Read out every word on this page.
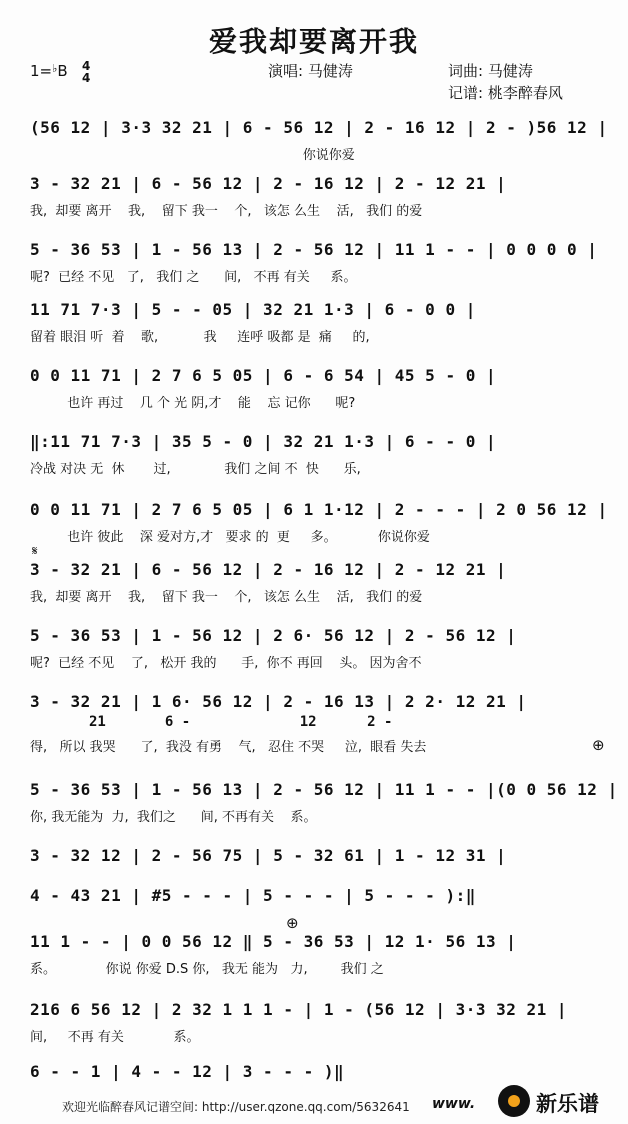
爱我却要离开我
1=♭B 4
4	演唱: 马健涛	词曲: 马健涛
记谱: 桃李醉春风
(56 12 | 3·3 32 21 | 6 - 56 12 | 2 - 16 12 | 2 - )56 12 |
你说你爱
3 - 32 21 | 6 - 56 12 | 2 - 16 12 | 2 - 12 21 |
我,  却要 离开    我,    留下 我一    个,   该怎 么生    活,   我们 的爱
5 - 36 53 | 1 - 56 13 | 2 - 56 12 | 11 1 - - | 0 0 0 0 |
呢?  已经 不见   了,   我们 之      间,   不再 有关     系。
11 71 7·3 | 5 - - 05 | 32 21 1·3 | 6 - 0 0 |
留着 眼泪 听  着    歌,           我     连呼 吸都 是  痛     的,
0 0 11 71 | 2 7 6 5 05 | 6 - 6 54 | 45 5 - 0 |
也许 再过    几 个 光 阴,才    能    忘 记你      呢?
‖:11 71 7·3 | 35 5 - 0 | 32 21 1·3 | 6 - - 0 |
冷战 对决 无  休       过,             我们 之间 不  快      乐,
0 0 11 71 | 2 7 6 5 05 | 6 1 1·12 | 2 - - - | 2 0 56 12 |
也许 彼此    深 爱对方,才   要求 的  更     多。          你说你爱
𝄋
3 - 32 21 | 6 - 56 12 | 2 - 16 12 | 2 - 12 21 |
我,  却要 离开    我,    留下 我一    个,   该怎 么生    活,   我们 的爱
5 - 36 53 | 1 - 56 12 | 2 6· 56 12 | 2 - 56 12 |
呢?  已经 不见    了,   松开 我的      手,  你不 再回    头。 因为舍不
3 - 32 21 | 1 6· 56 12 | 2 - 16 13 | 2 2· 12 21 |
21       6 -             12      2 -
得,   所以 我哭      了,  我没 有勇    气,   忍住 不哭     泣,  眼看 失去	⊕
5 - 36 53 | 1 - 56 13 | 2 - 56 12 | 11 1 - - |(0 0 56 12 |
你, 我无能为  力,  我们之      间, 不再有关    系。
3 - 32 12 | 2 - 56 75 | 5 - 32 61 | 1 - 12 31 |
4 - 43 21 | #5 - - - | 5 - - - | 5 - - - ):‖
⊕
11 1 - - | 0 0 56 12 ‖ 5 - 36 53 | 12 1· 56 13 |
系。            你说 你爱 D.S 你,   我无 能为   力,        我们 之
216 6 56 12 | 2 32 1 1 1 - | 1 - (56 12 | 3·3 32 21 |
间,     不再 有关            系。
6 - - 1 | 4 - - 12 | 3 - - - )‖
欢迎光临醉春风记谱空间: http://user.qzone.qq.com/5632641 www.	新乐谱
